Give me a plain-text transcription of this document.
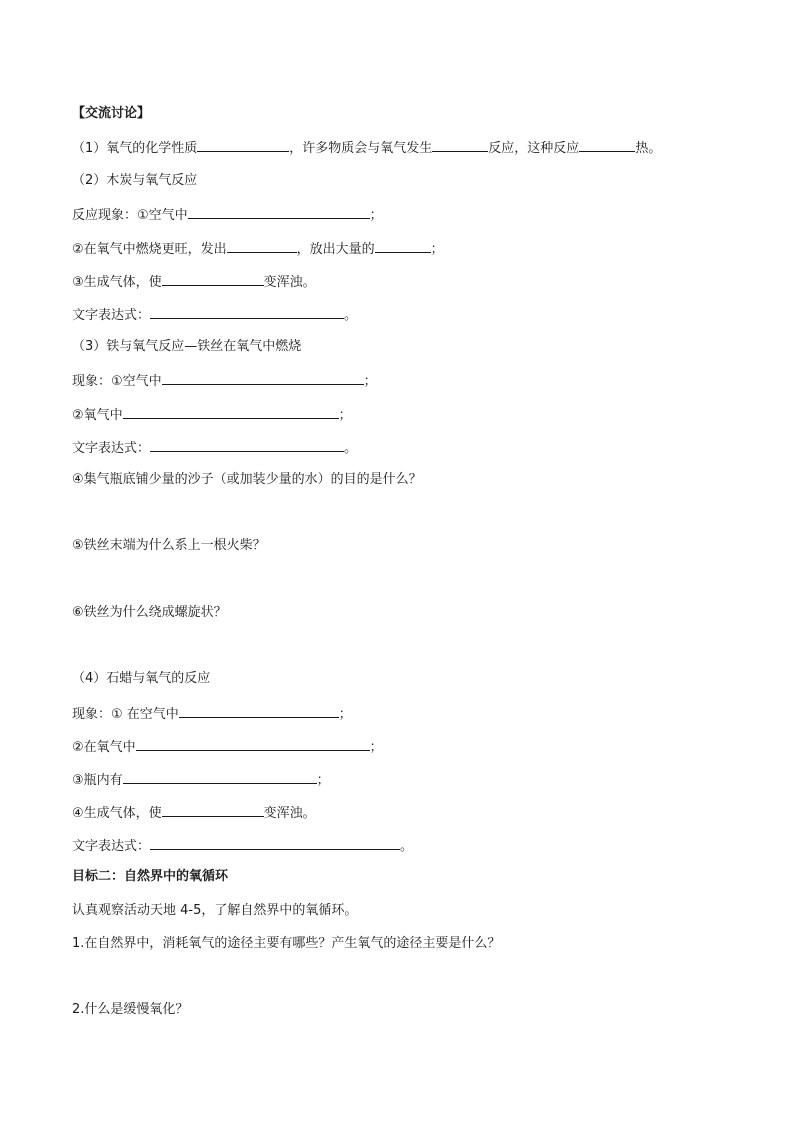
【交流讨论】
（1）氧气的化学性质	，许多物质会与氧气发生	反应，这种反应	热。
（2）木炭与氧气反应
反应现象：①空气中	；
②在氧气中燃烧更旺，发出	，放出大量的	；
③生成气体，使	变浑浊。
文字表达式：	。
（3）铁与氧气反应—铁丝在氧气中燃烧
现象：①空气中	；
②氧气中	；
文字表达式：	。
④集气瓶底铺少量的沙子（或加装少量的水）的目的是什么？
⑤铁丝末端为什么系上一根火柴？
⑥铁丝为什么绕成螺旋状？
（4）石蜡与氧气的反应
现象：① 在空气中	；
②在氧气中	；
③瓶内有	；
④生成气体，使	变浑浊。
文字表达式：	。
目标二：自然界中的氧循环
认真观察活动天地 4-5，了解自然界中的氧循环。
1.在自然界中，消耗氧气的途径主要有哪些？产生氧气的途径主要是什么？
2.什么是缓慢氧化？
